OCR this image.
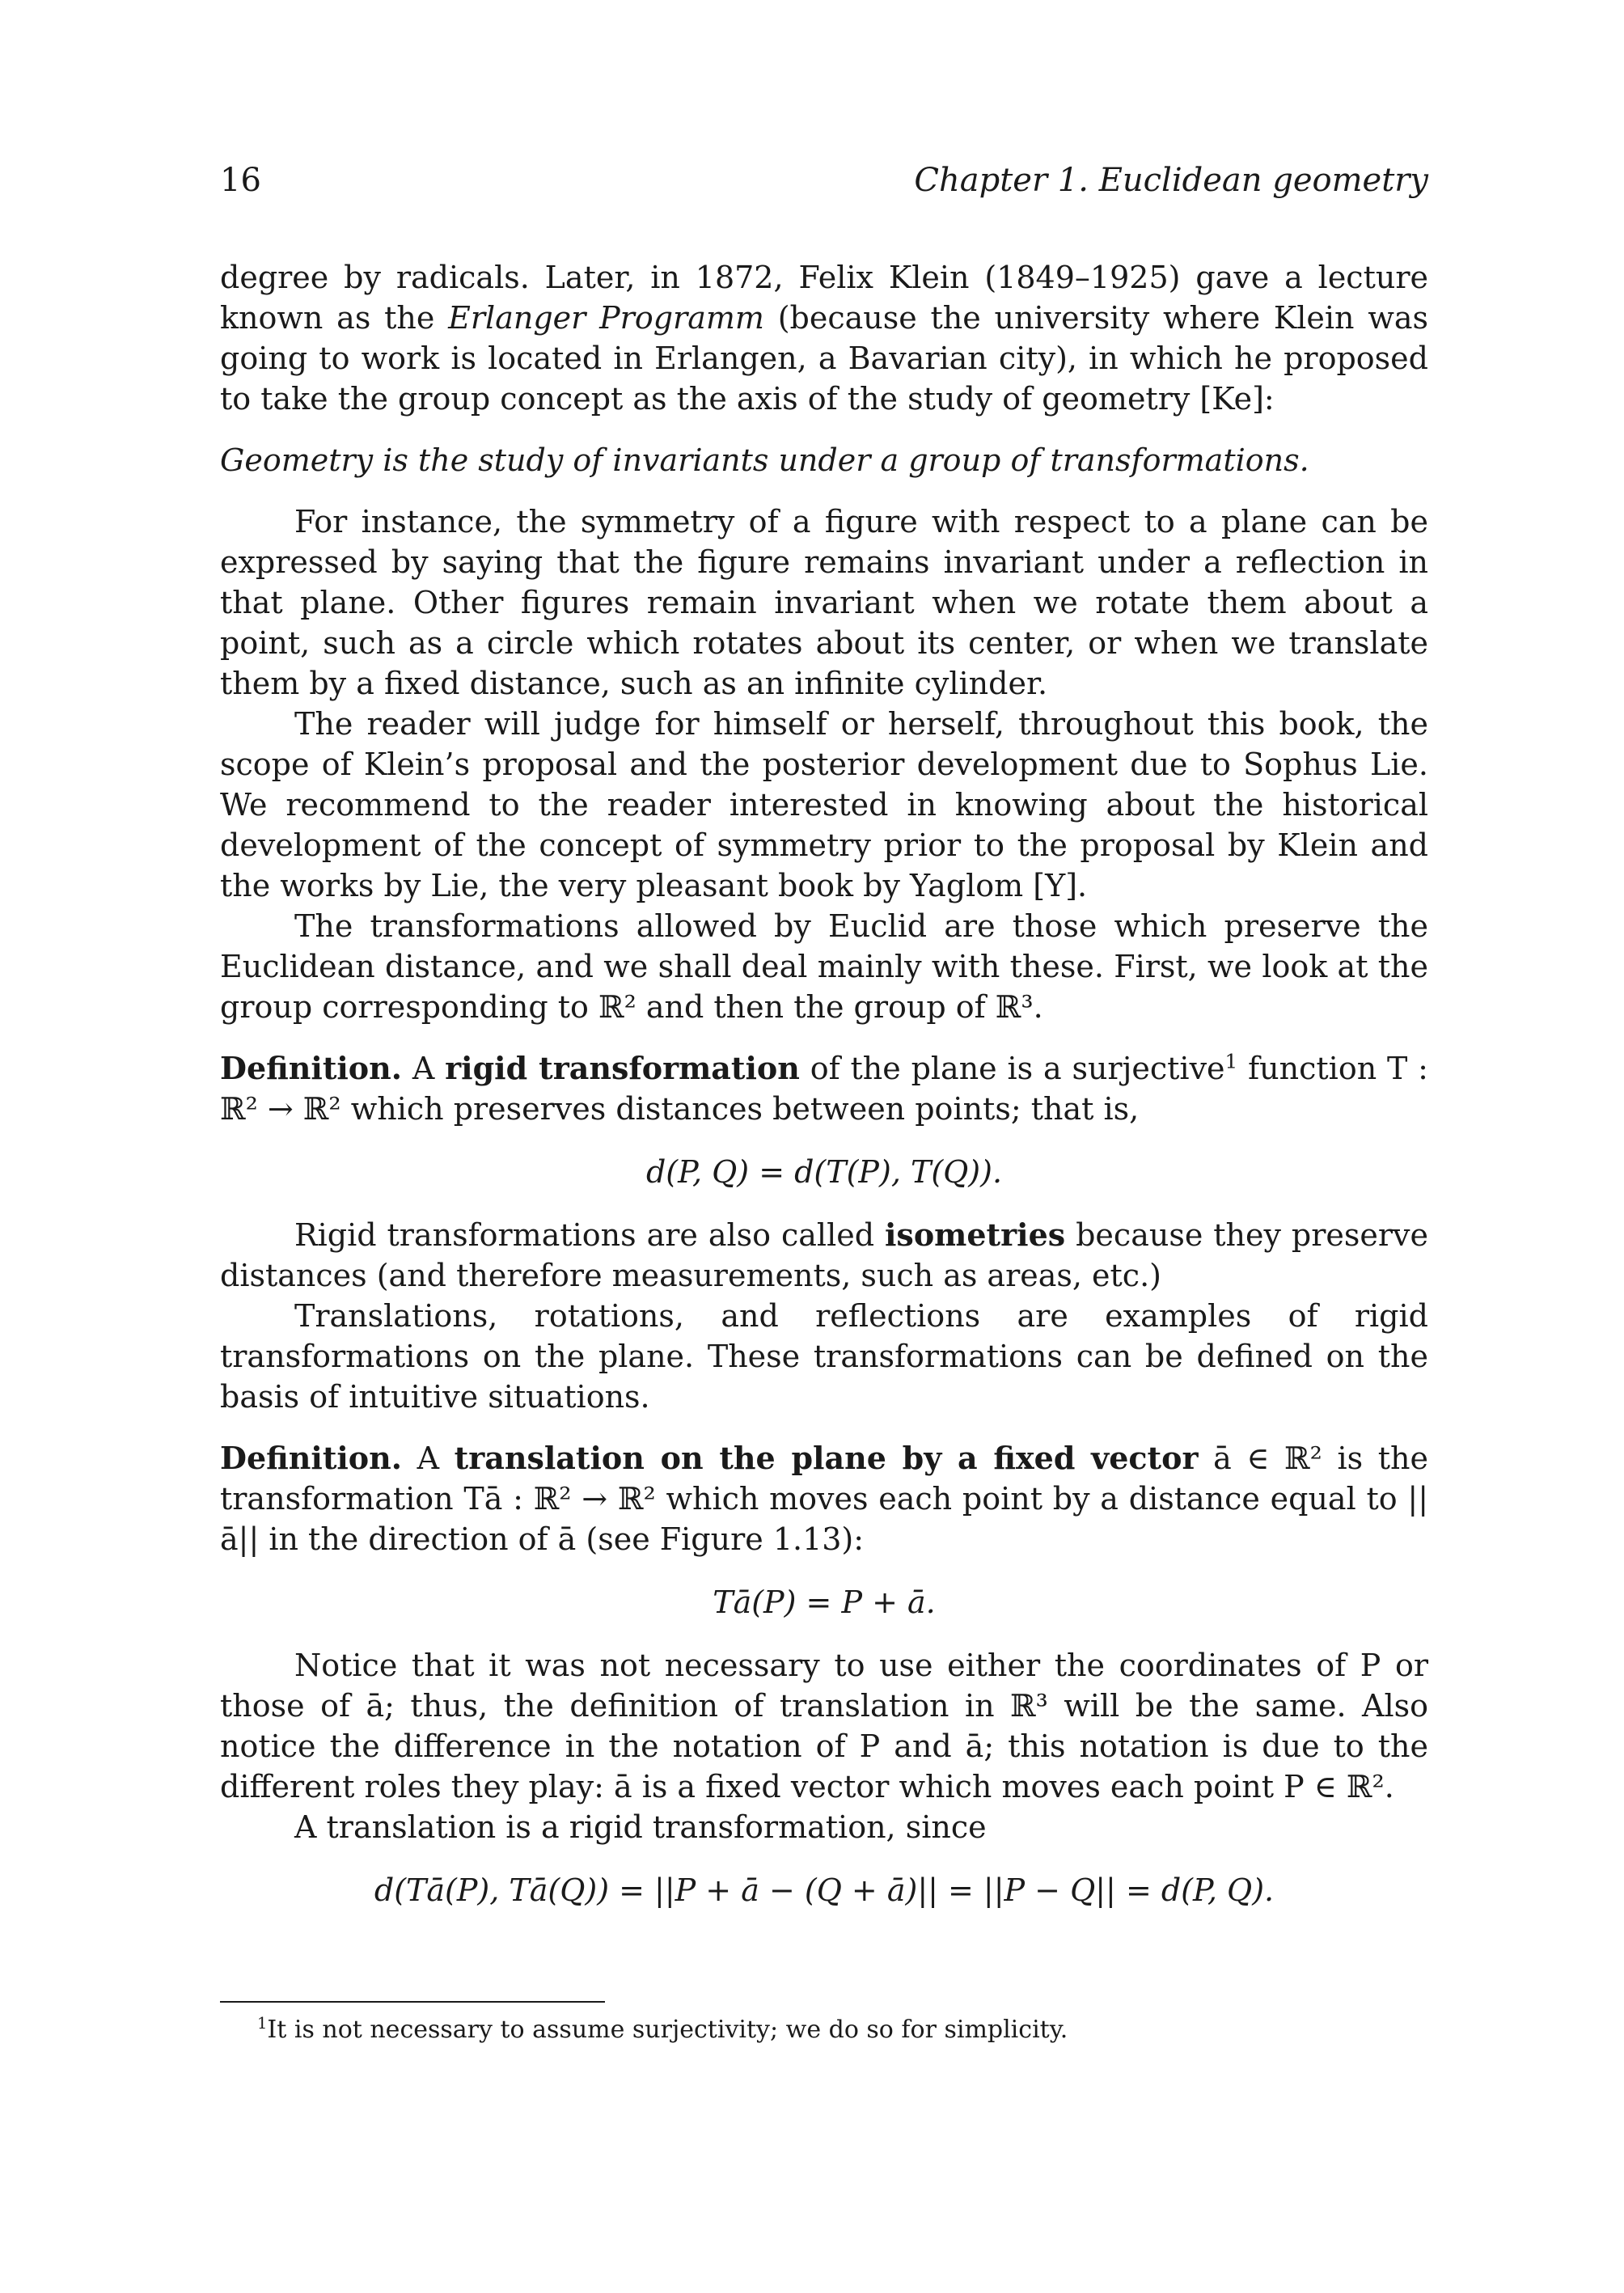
16	Chapter 1. Euclidean geometry

degree by radicals. Later, in 1872, Felix Klein (1849–1925) gave a lecture known as the Erlanger Programm (because the university where Klein was going to work is located in Erlangen, a Bavarian city), in which he proposed to take the group concept as the axis of the study of geometry [Ke]:

Geometry is the study of invariants under a group of transformations.

For instance, the symmetry of a figure with respect to a plane can be expressed by saying that the figure remains invariant under a reflection in that plane. Other figures remain invariant when we rotate them about a point, such as a circle which rotates about its center, or when we translate them by a fixed distance, such as an infinite cylinder.

The reader will judge for himself or herself, throughout this book, the scope of Klein’s proposal and the posterior development due to Sophus Lie. We recommend to the reader interested in knowing about the historical development of the concept of symmetry prior to the proposal by Klein and the works by Lie, the very pleasant book by Yaglom [Y].

The transformations allowed by Euclid are those which preserve the Euclidean distance, and we shall deal mainly with these. First, we look at the group corresponding to ℝ² and then the group of ℝ³.

Definition. A rigid transformation of the plane is a surjective$^1$ function T : ℝ² → ℝ² which preserves distances between points; that is,

d(P, Q) = d(T(P), T(Q)).

Rigid transformations are also called isometries because they preserve distances (and therefore measurements, such as areas, etc.)

Translations, rotations, and reflections are examples of rigid transformations on the plane. These transformations can be defined on the basis of intuitive situations.

Definition. A translation on the plane by a fixed vector ā ∈ ℝ² is the transformation Tā : ℝ² → ℝ² which moves each point by a distance equal to ||ā|| in the direction of ā (see Figure 1.13):

Tā(P) = P + ā.

Notice that it was not necessary to use either the coordinates of P or those of ā; thus, the definition of translation in ℝ³ will be the same. Also notice the difference in the notation of P and ā; this notation is due to the different roles they play: ā is a fixed vector which moves each point P ∈ ℝ².

A translation is a rigid transformation, since

d(Tā(P), Tā(Q)) = ||P + ā − (Q + ā)|| = ||P − Q|| = d(P, Q).

$^1$It is not necessary to assume surjectivity; we do so for simplicity.
